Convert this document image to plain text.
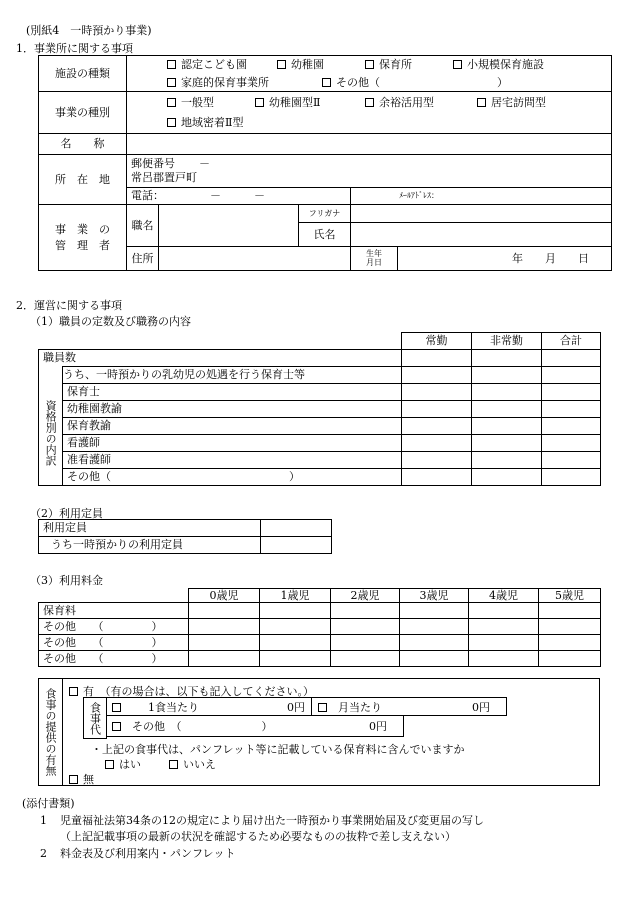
(別紙4　一時預かり事業)
1．事業所に関する事項
施設の種類	認定こども園 幼稚園 保育所 小規模保育施設
家庭的保育事業所 その他（ ）				
事業の種別	一般型 幼稚園型Ⅱ 余裕活用型 居宅訪問型
地域密着Ⅱ型				
名　　称					
所　在　地	郵便番号 －
常呂郡置戸町				
	電話： －　　　－			ﾒｰﾙｱﾄﾞﾚｽ：	
事　業　の
管　理　者	職名		フリガナ		
			氏名		
	住所			生年
月日	年　　月　　日
2．運営に関する事項
（1）職員の定数及び職務の内容
		常勤	非常勤	合計
職員数				
	うち、一時預かりの乳幼児の処遇を行う保育士等			
資格別の内訳	保育士			
	幼稚園教諭			
	保育教諭			
	看護師			
	准看護師			
	その他（ ）			
（2）利用定員
利用定員	
うち一時預かりの利用定員	
（3）利用料金
	0歳児	1歳児	2歳児	3歳児	4歳児	5歳児
保育料						
その他　　（ ）						
その他　　（ ）						
その他　　（ ）						
食事の提供の有無	有　（有の場合は、以下も記入してください。）
食事代	1食当たり	0円	月当たり	0円
その他　（	）	0円
・上記の食事代は、パンフレット等に記載している保育料に含んでいますか
はい	いいえ
無
(添付書類)
1 児童福祉法第34条の12の規定により届け出た一時預かり事業開始届及び変更届の写し
（上記記載事項の最新の状況を確認するため必要なものの抜粋で差し支えない）
2 料金表及び利用案内・パンフレット
